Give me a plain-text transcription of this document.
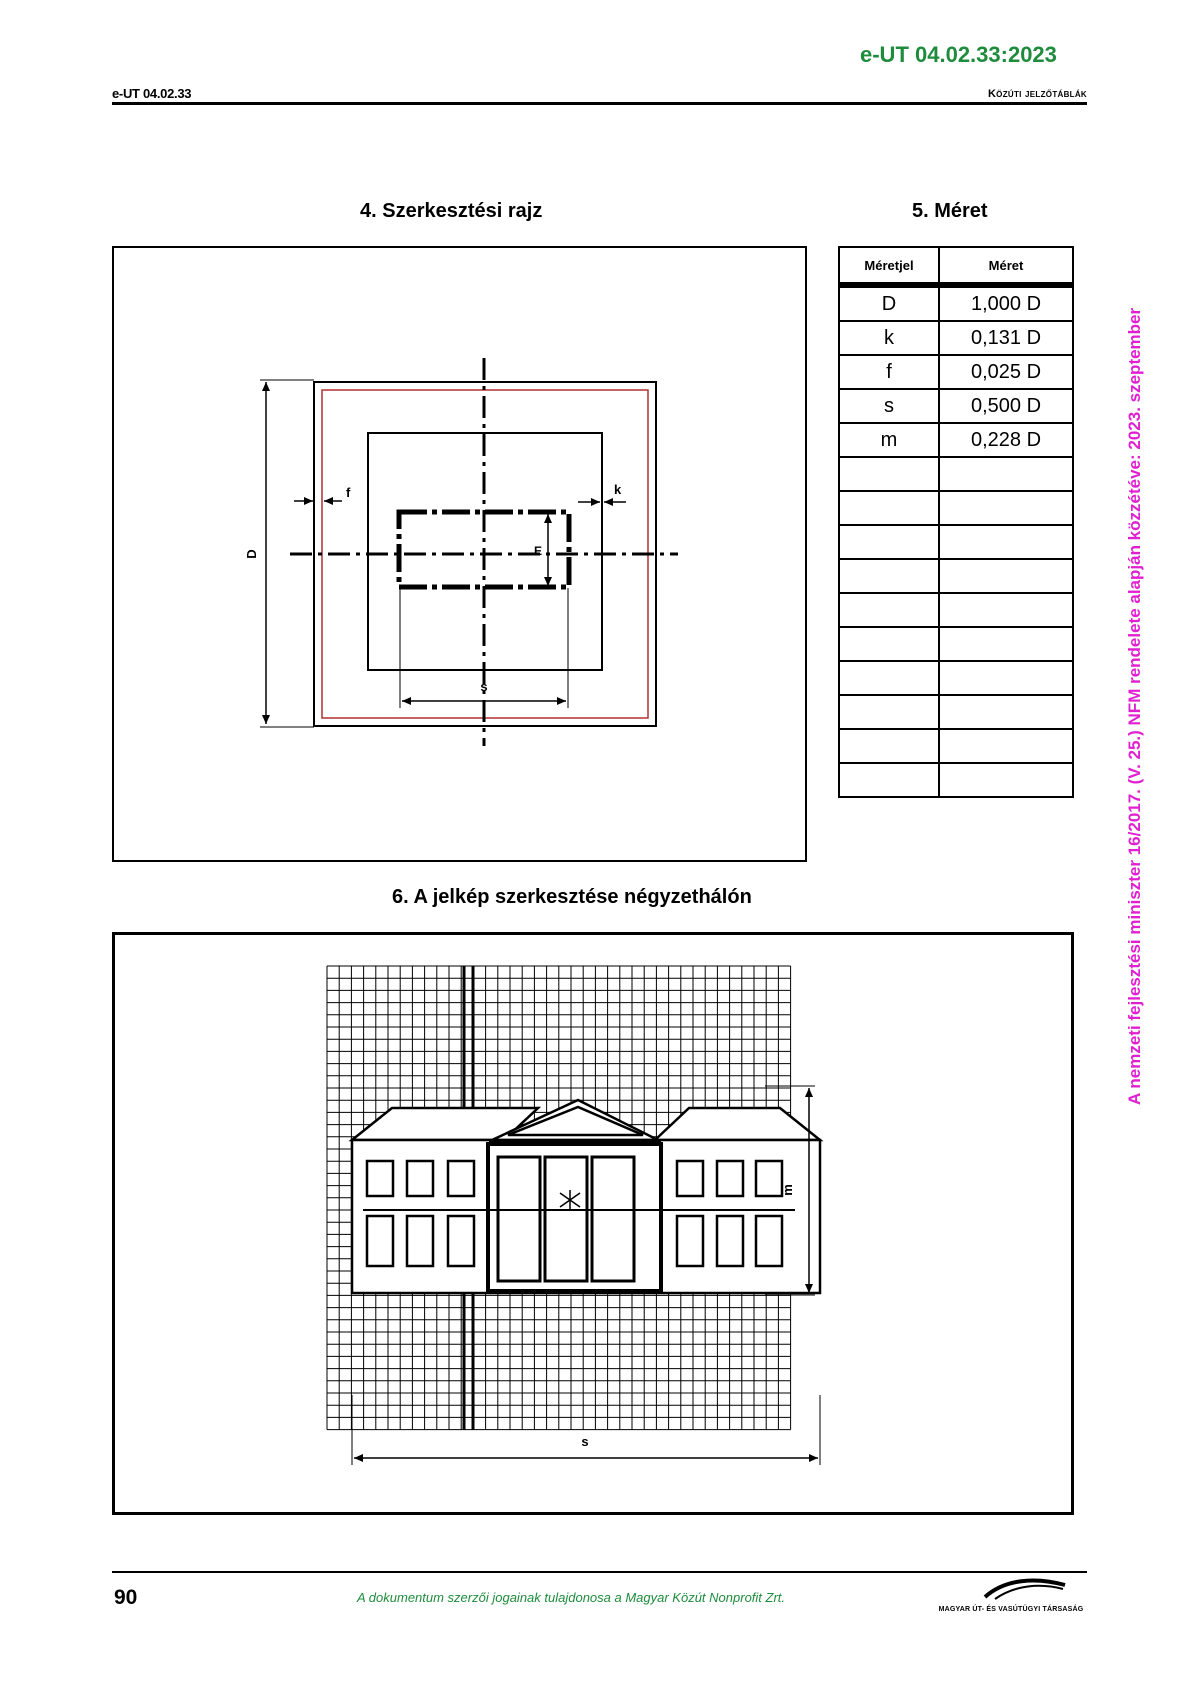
e-UT 04.02.33:2023
e-UT 04.02.33	Közúti jelzőtáblák
A nemzeti fejlesztési miniszter 16/2017. (V. 25.) NFM rendelete alapján közzétéve: 2023. szeptember
4. Szerkesztési rajz	5. Méret
D
f	k
E
s
Méretjel	Méret
D	1,000 D
k	0,131 D
f	0,025 D
s	0,500 D
m	0,228 D

6. A jelkép szerkesztése négyzethálón
m
s
90	A dokumentum szerzői jogainak tulajdonosa a Magyar Közút Nonprofit Zrt.
MAGYAR ÚT- ÉS VASÚTÜGYI TÁRSASÁG
